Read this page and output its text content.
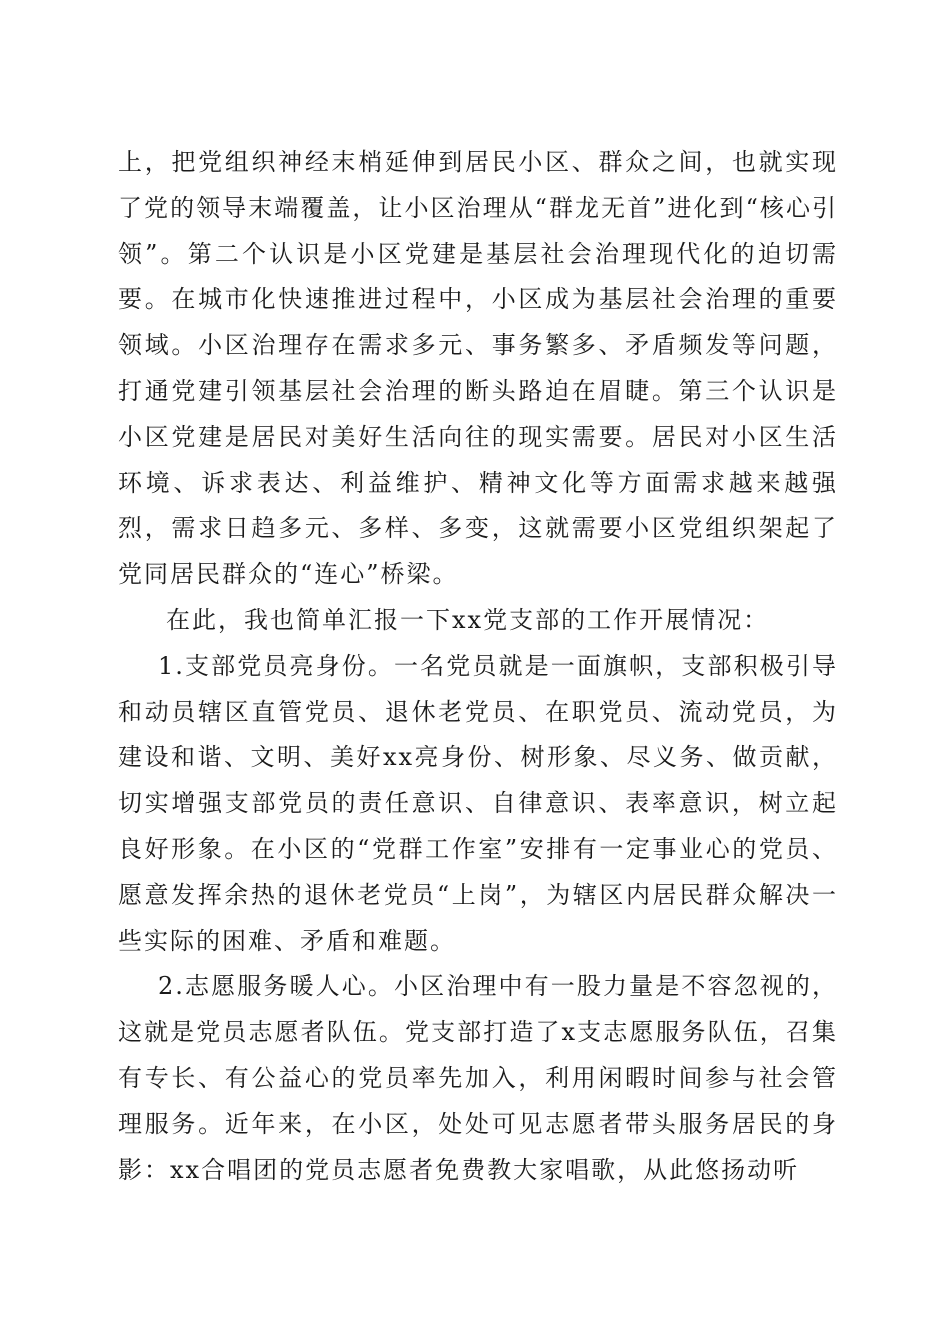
上，把党组织神经末梢延伸到居民小区、群众之间，也就实现了党的领导末端覆盖，让小区治理从“群龙无首”进化到“核心引领”。第二个认识是小区党建是基层社会治理现代化的迫切需要。在城市化快速推进过程中，小区成为基层社会治理的重要领域。小区治理存在需求多元、事务繁多、矛盾频发等问题，打通党建引领基层社会治理的断头路迫在眉睫。第三个认识是小区党建是居民对美好生活向往的现实需要。居民对小区生活环境、诉求表达、利益维护、精神文化等方面需求越来越强烈，需求日趋多元、多样、多变，这就需要小区党组织架起了党同居民群众的“连心”桥梁。

在此，我也简单汇报一下xx党支部的工作开展情况：

1.支部党员亮身份。一名党员就是一面旗帜，支部积极引导和动员辖区直管党员、退休老党员、在职党员、流动党员，为建设和谐、文明、美好xx亮身份、树形象、尽义务、做贡献，切实增强支部党员的责任意识、自律意识、表率意识，树立起良好形象。在小区的“党群工作室”安排有一定事业心的党员、愿意发挥余热的退休老党员“上岗”，为辖区内居民群众解决一些实际的困难、矛盾和难题。

2.志愿服务暖人心。小区治理中有一股力量是不容忽视的，这就是党员志愿者队伍。党支部打造了x支志愿服务队伍，召集有专长、有公益心的党员率先加入，利用闲暇时间参与社会管理服务。近年来，在小区，处处可见志愿者带头服务居民的身影：xx合唱团的党员志愿者免费教大家唱歌，从此悠扬动听
